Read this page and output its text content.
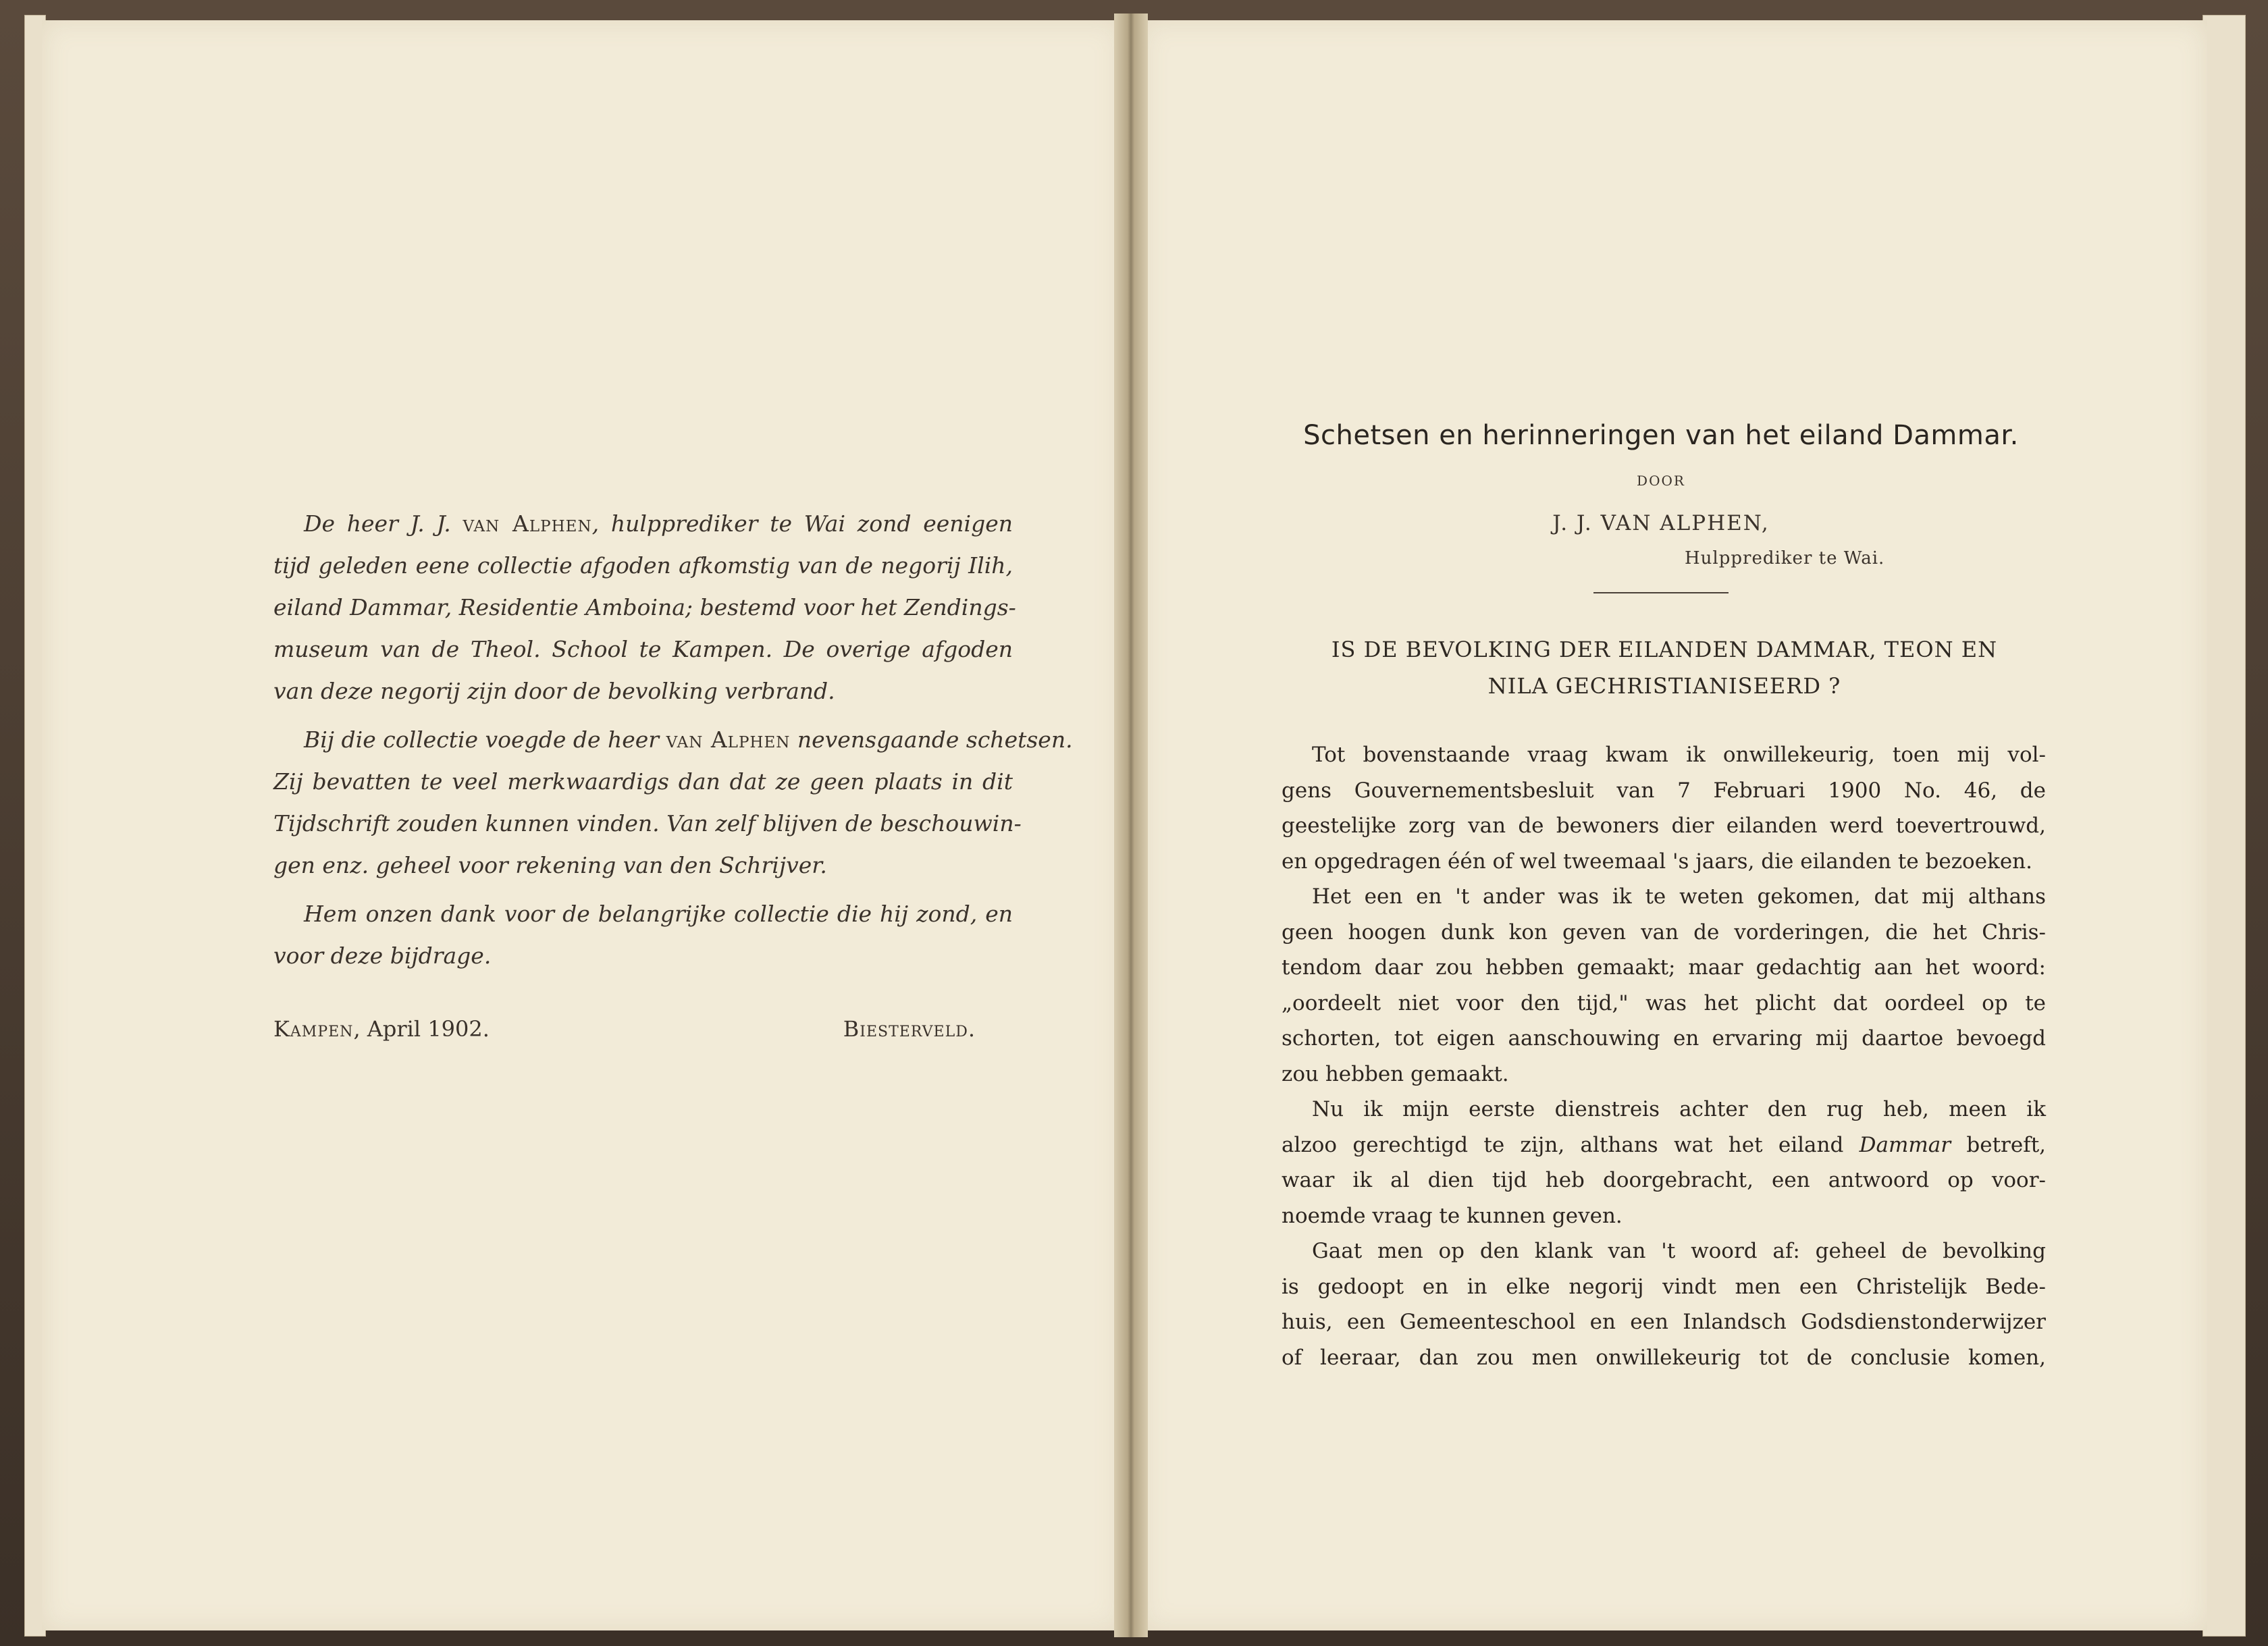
De heer J. J. van Alphen, hulpprediker te Wai zond eenigen
tijd geleden eene collectie afgoden afkomstig van de negorij Ilih,
eiland Dammar, Residentie Amboina; bestemd voor het Zendings-
museum van de Theol. School te Kampen. De overige afgoden
van deze negorij zijn door de bevolking verbrand.

Bij die collectie voegde de heer van Alphen nevensgaande schetsen.
Zij bevatten te veel merkwaardigs dan dat ze geen plaats in dit
Tijdschrift zouden kunnen vinden. Van zelf blijven de beschouwin-
gen enz. geheel voor rekening van den Schrijver.

Hem onzen dank voor de belangrijke collectie die hij zond, en
voor deze bijdrage.

Kampen, April 1902.	Biesterveld.
Schetsen en herinneringen van het eiland Dammar.
DOOR
J. J. VAN ALPHEN,
Hulpprediker te Wai.
IS DE BEVOLKING DER EILANDEN DAMMAR, TEON EN
NILA GECHRISTIANISEERD ?
Tot bovenstaande vraag kwam ik onwillekeurig, toen mij vol-
gens Gouvernementsbesluit van 7 Februari 1900 No. 46, de
geestelijke zorg van de bewoners dier eilanden werd toevertrouwd,
en opgedragen één of wel tweemaal 's jaars, die eilanden te bezoeken.
Het een en 't ander was ik te weten gekomen, dat mij althans
geen hoogen dunk kon geven van de vorderingen, die het Chris-
tendom daar zou hebben gemaakt; maar gedachtig aan het woord:
„oordeelt niet voor den tijd," was het plicht dat oordeel op te
schorten, tot eigen aanschouwing en ervaring mij daartoe bevoegd
zou hebben gemaakt.
Nu ik mijn eerste dienstreis achter den rug heb, meen ik
alzoo gerechtigd te zijn, althans wat het eiland Dammar betreft,
waar ik al dien tijd heb doorgebracht, een antwoord op voor-
noemde vraag te kunnen geven.
Gaat men op den klank van 't woord af: geheel de bevolking
is gedoopt en in elke negorij vindt men een Christelijk Bede-
huis, een Gemeenteschool en een Inlandsch Godsdienstonderwijzer
of leeraar, dan zou men onwillekeurig tot de conclusie komen,
